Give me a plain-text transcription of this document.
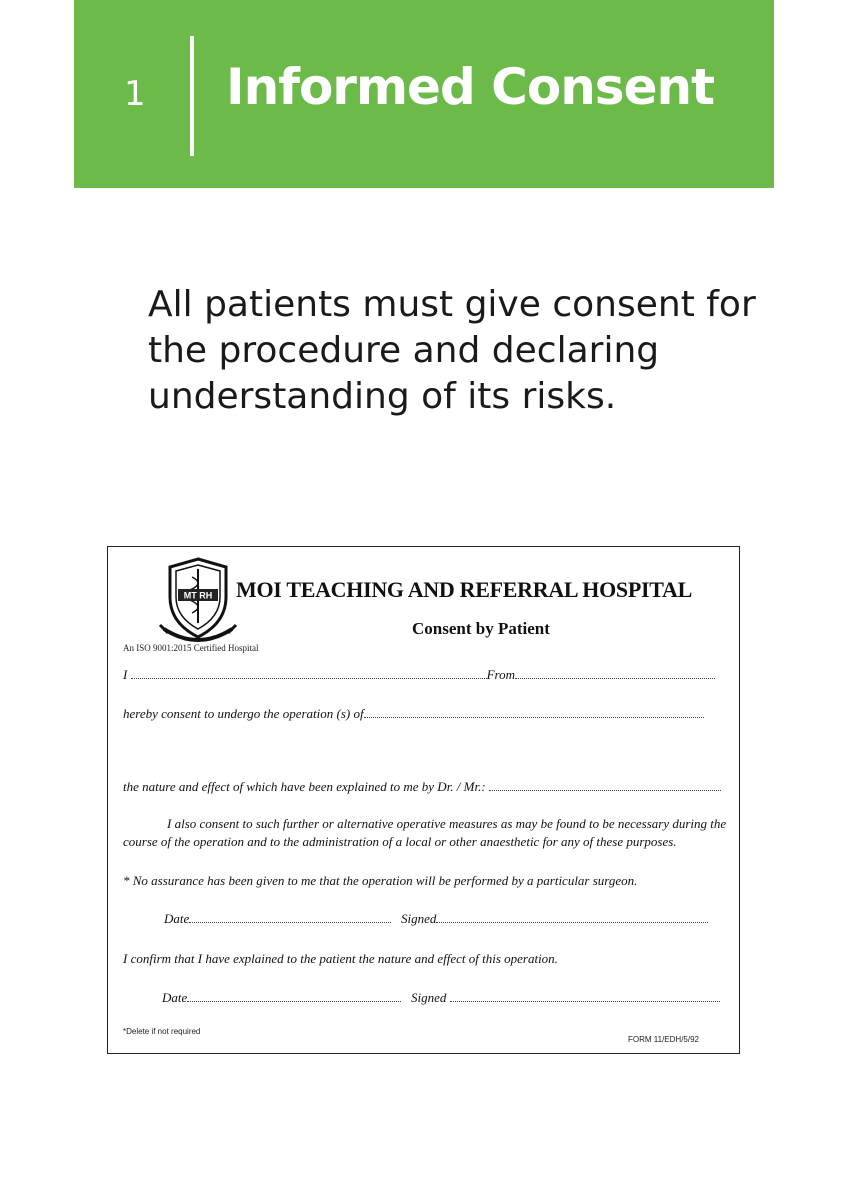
1 Informed Consent
All patients must give consent for the procedure and declaring understanding of its risks.
MT RH MOI TEACHING AND REFERRAL HOSPITAL
Consent by Patient
An ISO 9001:2015 Certified Hospital
I	From
hereby consent to undergo the operation (s) of
the nature and effect of which have been explained to me by Dr. / Mr.:
I also consent to such further or alternative operative measures as may be found to be necessary during the course of the operation and to the administration of a local or other anaesthetic for any of these purposes.
* No assurance has been given to me that the operation will be performed by a particular surgeon.
Date	Signed
I confirm that I have explained to the patient the nature and effect of this operation.
Date	Signed
*Delete if not required
FORM 11/EDH/5/92
